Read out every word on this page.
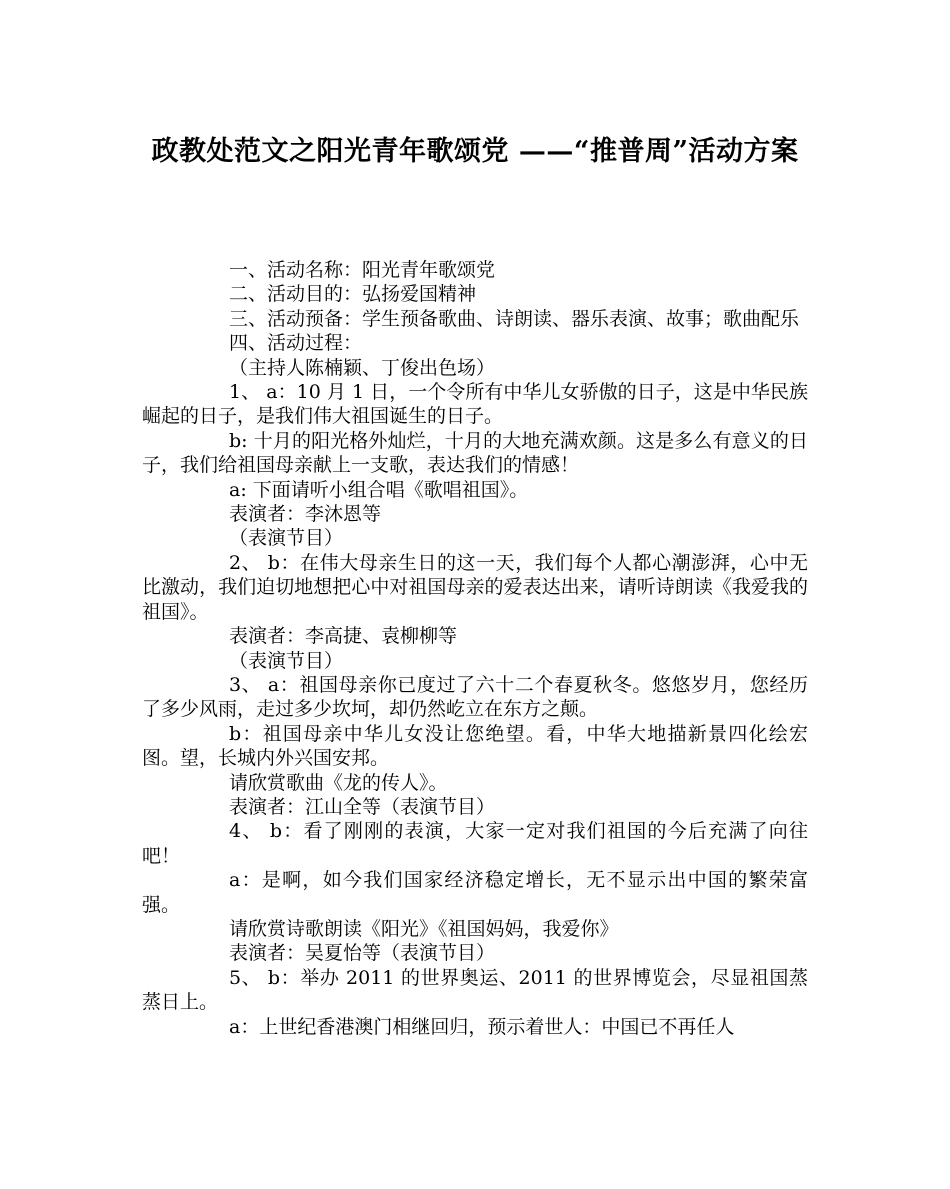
政教处范文之阳光青年歌颂党 ——“推普周”活动方案

一、活动名称：阳光青年歌颂党

二、活动目的：弘扬爱国精神

三、活动预备：学生预备歌曲、诗朗读、器乐表演、故事；歌曲配乐

四、活动过程：

（主持人陈楠颖、丁俊出色场）

1、 a：10 月 1 日，一个令所有中华儿女骄傲的日子，这是中华民族崛起的日子，是我们伟大祖国诞生的日子。

b: 十月的阳光格外灿烂，十月的大地充满欢颜。这是多么有意义的日子，我们给祖国母亲献上一支歌，表达我们的情感！

a: 下面请听小组合唱《歌唱祖国》。

表演者：李沐恩等

（表演节目）

2、 b：在伟大母亲生日的这一天，我们每个人都心潮澎湃，心中无比激动，我们迫切地想把心中对祖国母亲的爱表达出来，请听诗朗读《我爱我的祖国》。

表演者：李高捷、袁柳柳等

（表演节目）

3、 a：祖国母亲你已度过了六十二个春夏秋冬。悠悠岁月，您经历了多少风雨，走过多少坎坷，却仍然屹立在东方之颠。

b：祖国母亲中华儿女没让您绝望。看，中华大地描新景四化绘宏图。望，长城内外兴国安邦。

请欣赏歌曲《龙的传人》。

表演者：江山全等（表演节目）

4、 b：看了刚刚的表演，大家一定对我们祖国的今后充满了向往吧！

a：是啊，如今我们国家经济稳定增长，无不显示出中国的繁荣富强。

请欣赏诗歌朗读《阳光》《祖国妈妈，我爱你》

表演者：吴夏怡等（表演节目）

5、 b：举办 2011 的世界奥运、2011 的世界博览会，尽显祖国蒸蒸日上。

a：上世纪香港澳门相继回归，预示着世人：中国已不再任人
